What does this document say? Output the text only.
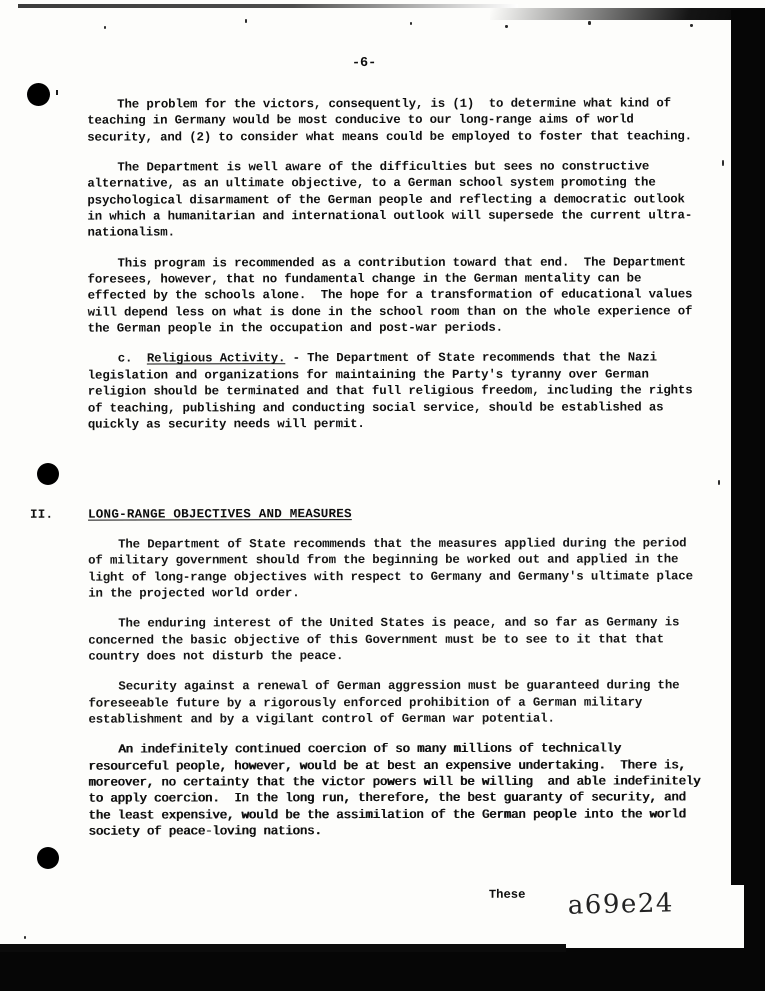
-6-

The problem for the victors, consequently, is (1)  to determine what kind of teaching in Germany would be most conducive to our long-range aims of world security, and (2) to consider what means could be employed to foster that teaching.

The Department is well aware of the difficulties but sees no constructive alternative, as an ultimate objective, to a German school system promoting the psychological disarmament of the German people and reflecting a democratic outlook in which a humanitarian and international outlook will supersede the current ultra-nationalism.

This program is recommended as a contribution toward that end.  The Department foresees, however, that no fundamental change in the German mentality can be effected by the schools alone.  The hope for a transformation of educational values will depend less on what is done in the school room than on the whole experience of the German people in the occupation and post-war periods.

c. Religious Activity. - The Department of State recommends that the Nazi legislation and organizations for maintaining the Party's tyranny over German  religion should be terminated and that full religious freedom, including the rights of teaching, publishing and conducting social service, should be established as quickly as security needs will permit.

II.	LONG-RANGE OBJECTIVES AND MEASURES

The Department of State recommends that the measures applied during the period of military government should from the beginning be worked out and applied in the light of long-range objectives with respect to Germany and Germany's ultimate place in the projected world order.

The enduring interest of the United States is peace, and so far as Germany is concerned the basic objective of this Government must be to see to it that that country does not disturb the peace.

Security against a renewal of German aggression must be guaranteed during the foreseeable future by a rigorously enforced prohibition of a German military establishment and by a vigilant control of German war potential.

An indefinitely continued coercion of so many millions of technically resourceful people, however, would be at best an expensive undertaking.  There is, moreover, no certainty that the victor powers will be willing  and able indefinitely to apply coercion.  In the long run, therefore, the best guaranty of security, and the least expensive, would be the assimilation of the German people into the world society of peace-loving nations.

These a69e24
